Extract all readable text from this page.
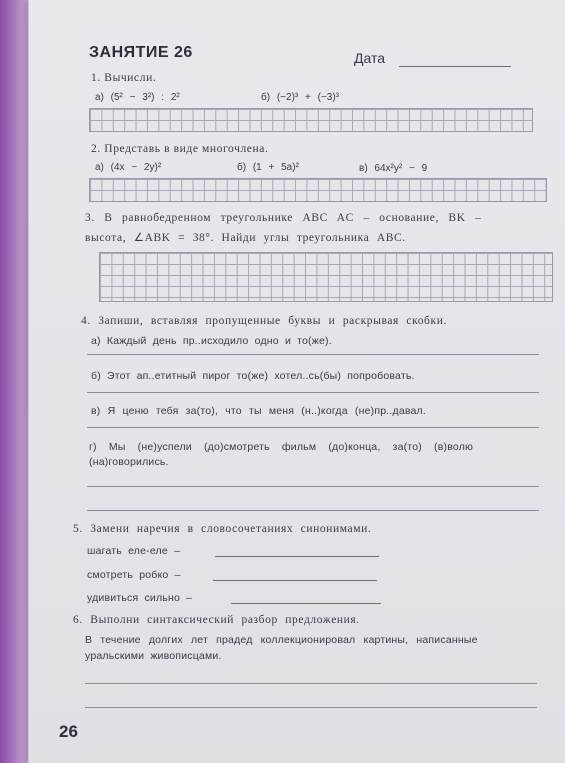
ЗАНЯТИЕ 26	Дата
1. Вычисли.
а) (5² − 3²) : 2²	б) (−2)³ + (−3)³
2. Представь в виде многочлена.
а) (4x − 2y)²	б) (1 + 5a)²	в) 64x²y² − 9
3. В равнобедренном треугольнике ABC AC – основание, BK –
высота, ∠ABK = 38°. Найди углы треугольника ABC.
4. Запиши, вставляя пропущенные буквы и раскрывая скобки.
а) Каждый день пр..исходило одно и то(же).
б) Этот ап..етитный пирог то(же) хотел..сь(бы) попробовать.
в) Я ценю тебя за(то), что ты меня (н..)когда (не)пр..давал.
г) Мы (не)успели (до)смотреть фильм (до)конца, за(то) (в)волю
(на)говорились.
5. Замени наречия в словосочетаниях синонимами.
шагать еле-еле –
смотреть робко –
удивиться сильно –
6. Выполни синтаксический разбор предложения.
В течение долгих лет прадед коллекционировал картины, написанные
уральскими живописцами.
26
